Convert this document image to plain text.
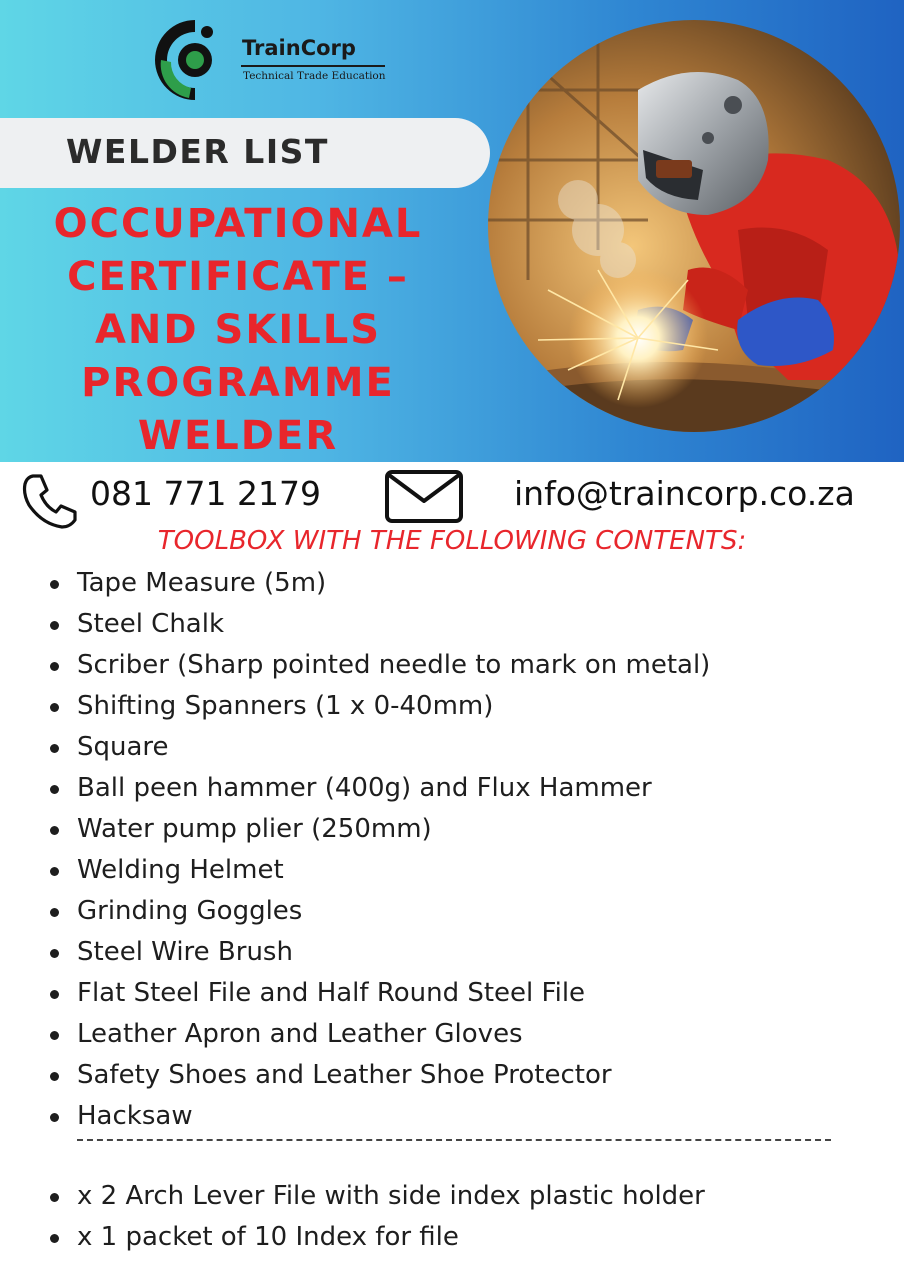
TrainCorp
Technical Trade Education
WELDER LIST
OCCUPATIONAL
CERTIFICATE –
AND SKILLS
PROGRAMME
WELDER
081 771 2179	info@traincorp.co.za
TOOLBOX WITH THE FOLLOWING CONTENTS:
Tape Measure (5m)
Steel Chalk
Scriber (Sharp pointed needle to mark on metal)
Shifting Spanners (1 x 0-40mm)
Square
Ball peen hammer (400g) and Flux Hammer
Water pump plier (250mm)
Welding Helmet
Grinding Goggles
Steel Wire Brush
Flat Steel File and Half Round Steel File
Leather Apron and Leather Gloves
Safety Shoes and Leather Shoe Protector
Hacksaw
x 2 Arch Lever File with side index plastic holder
x 1 packet of 10 Index for file
